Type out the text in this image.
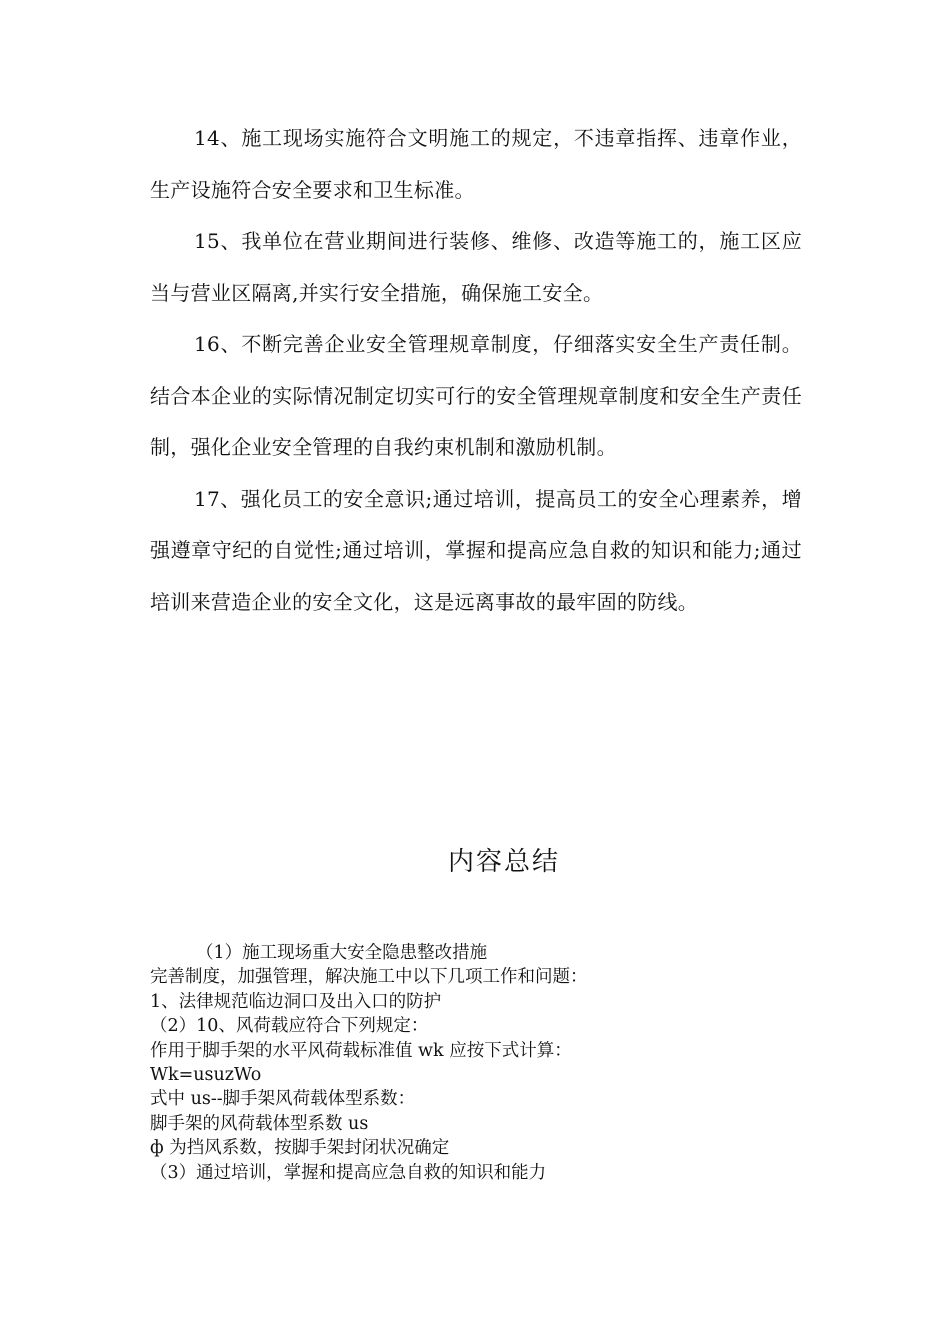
14、施工现场实施符合文明施工的规定，不违章指挥、违章作业，生产设施符合安全要求和卫生标准。

15、我单位在营业期间进行装修、维修、改造等施工的，施工区应当与营业区隔离,并实行安全措施，确保施工安全。

16、不断完善企业安全管理规章制度，仔细落实安全生产责任制。结合本企业的实际情况制定切实可行的安全管理规章制度和安全生产责任制，强化企业安全管理的自我约束机制和激励机制。

17、强化员工的安全意识;通过培训，提高员工的安全心理素养，增强遵章守纪的自觉性;通过培训，掌握和提高应急自救的知识和能力;通过培训来营造企业的安全文化，这是远离事故的最牢固的防线。

内容总结

（1）施工现场重大安全隐患整改措施

完善制度，加强管理，解决施工中以下几项工作和问题：

1、法律规范临边洞口及出入口的防护

（2）10、风荷载应符合下列规定：

作用于脚手架的水平风荷载标准值 wk 应按下式计算：

Wk=usuzWo

式中 us--脚手架风荷载体型系数：

脚手架的风荷载体型系数 us

ф 为挡风系数，按脚手架封闭状况确定

（3）通过培训，掌握和提高应急自救的知识和能力
